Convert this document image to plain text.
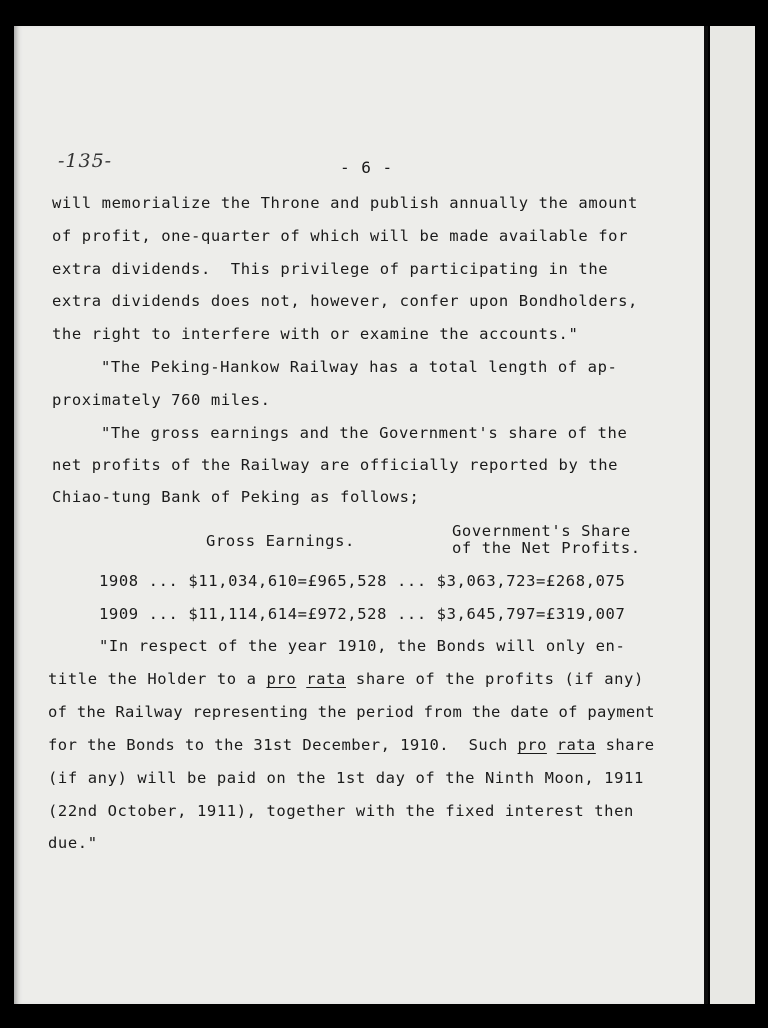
-135-	- 6 -
will memorialize the Throne and publish annually the amount
of profit, one-quarter of which will be made available for
extra dividends.  This privilege of participating in the
extra dividends does not, however, confer upon Bondholders,
the right to interfere with or examine the accounts."
"The Peking-Hankow Railway has a total length of ap-
proximately 760 miles.
"The gross earnings and the Government's share of the
net profits of the Railway are officially reported by the
Chiao-tung Bank of Peking as follows;
Gross Earnings.
Government's Share
of the Net Profits.
1908 ... $11,034,610=£965,528 ... $3,063,723=£268,075
1909 ... $11,114,614=£972,528 ... $3,645,797=£319,007
"In respect of the year 1910, the Bonds will only en-
title the Holder to a pro rata share of the profits (if any)
of the Railway representing the period from the date of payment
for the Bonds to the 31st December, 1910.  Such pro rata share
(if any) will be paid on the 1st day of the Ninth Moon, 1911
(22nd October, 1911), together with the fixed interest then
due."
